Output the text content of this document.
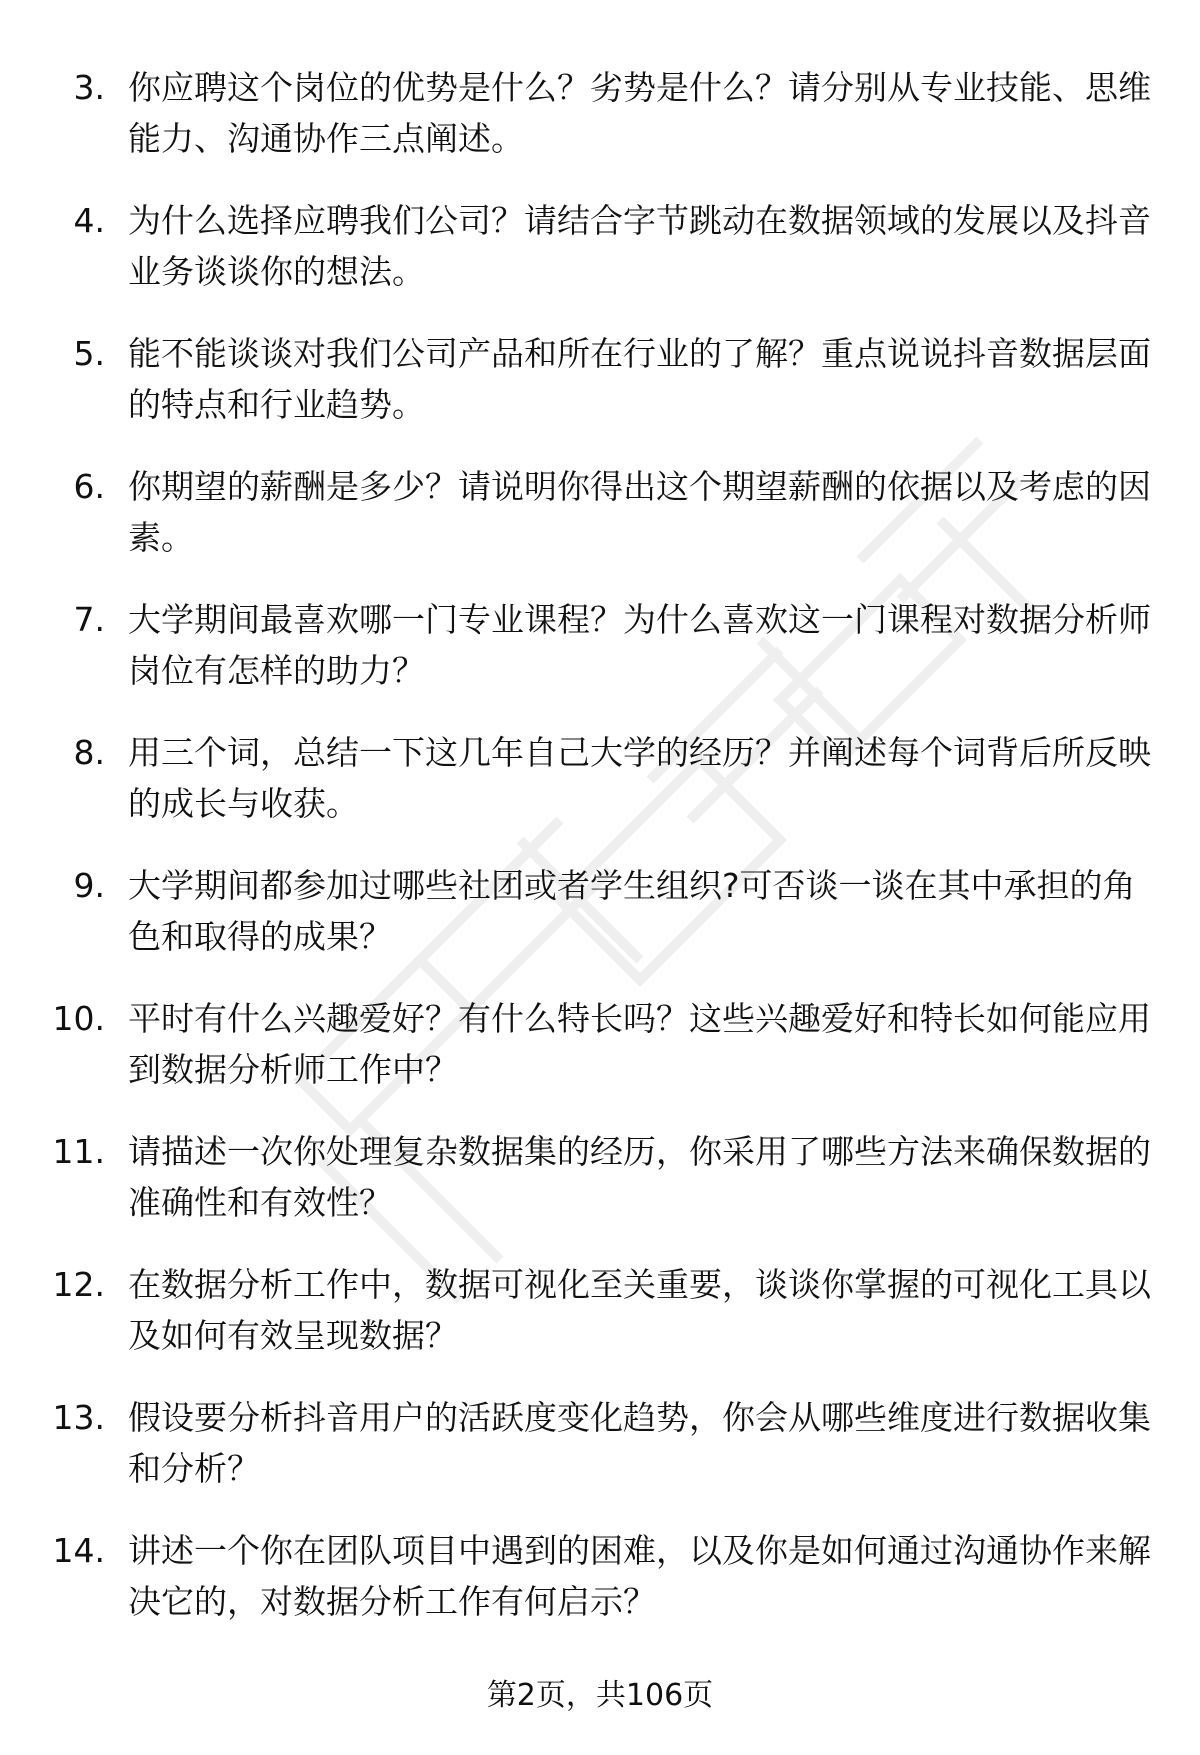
3. 你应聘这个岗位的优势是什么？劣势是什么？请分别从专业技能、思维能力、沟通协作三点阐述。
4. 为什么选择应聘我们公司？请结合字节跳动在数据领域的发展以及抖音业务谈谈你的想法。
5. 能不能谈谈对我们公司产品和所在行业的了解？重点说说抖音数据层面的特点和行业趋势。
6. 你期望的薪酬是多少？请说明你得出这个期望薪酬的依据以及考虑的因素。
7. 大学期间最喜欢哪一门专业课程？为什么喜欢这一门课程对数据分析师岗位有怎样的助力？
8. 用三个词，总结一下这几年自己大学的经历？并阐述每个词背后所反映的成长与收获。
9. 大学期间都参加过哪些社团或者学生组织?可否谈一谈在其中承担的角色和取得的成果？
10. 平时有什么兴趣爱好？有什么特长吗？这些兴趣爱好和特长如何能应用到数据分析师工作中？
11. 请描述一次你处理复杂数据集的经历，你采用了哪些方法来确保数据的准确性和有效性？
12. 在数据分析工作中，数据可视化至关重要，谈谈你掌握的可视化工具以及如何有效呈现数据？
13. 假设要分析抖音用户的活跃度变化趋势，你会从哪些维度进行数据收集和分析？
14. 讲述一个你在团队项目中遇到的困难，以及你是如何通过沟通协作来解决它的，对数据分析工作有何启示？
第2页，共106页
